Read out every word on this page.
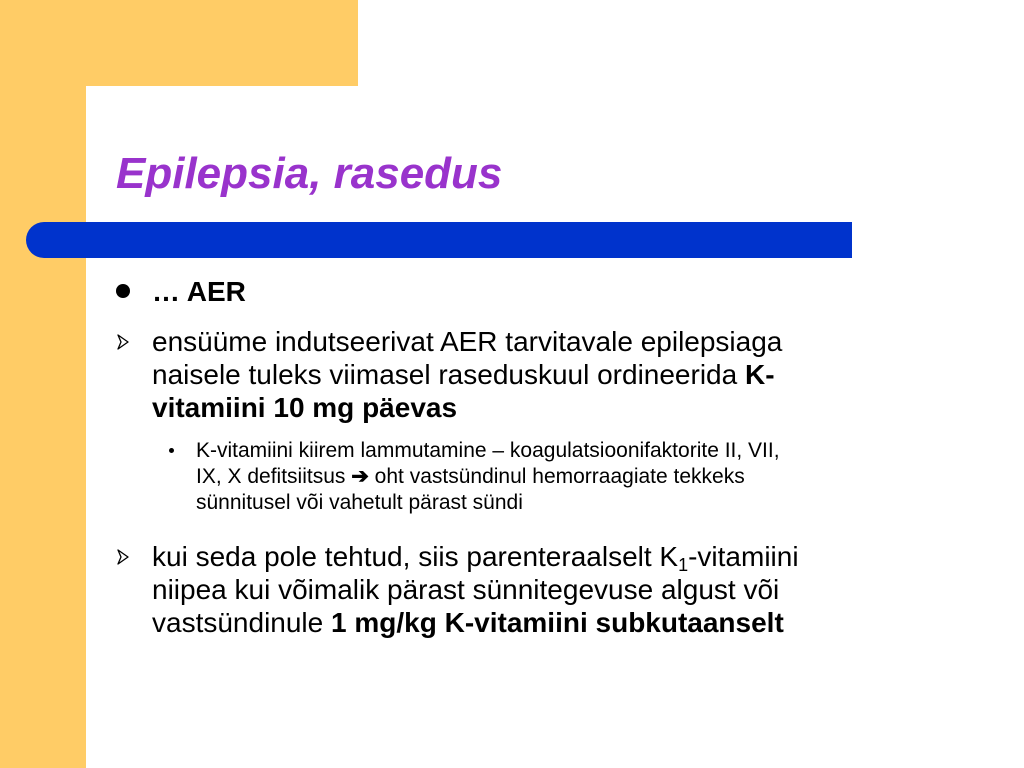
Epilepsia, rasedus

… AER

ensüüme indutseerivat AER tarvitavale epilepsiaga
naisele tuleks viimasel raseduskuul ordineerida K-
vitamiini 10 mg päevas
K-vitamiini kiirem lammutamine – koagulatsioonifaktorite II, VII,
IX, X defitsiitsus ➔ oht vastsündinul hemorraagiate tekkeks
sünnitusel või vahetult pärast sündi
kui seda pole tehtud, siis parenteraalselt $K_1$-vitamiini
niipea kui võimalik pärast sünnitegevuse algust või
vastsündinule 1 mg/kg K-vitamiini subkutaanselt
